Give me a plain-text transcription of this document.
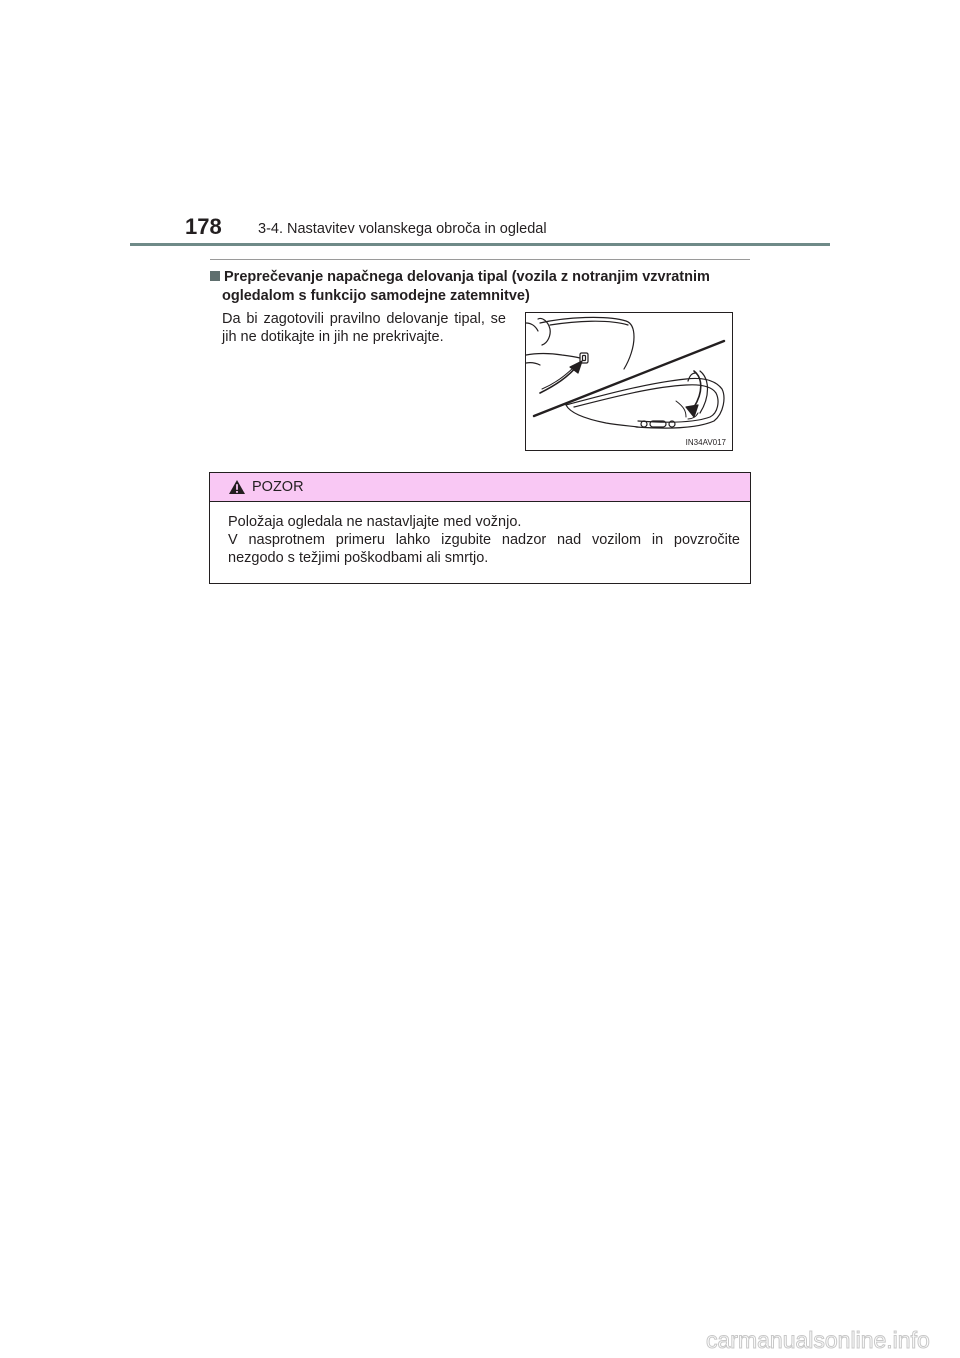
178	3-4. Nastavitev volanskega obroča in ogledal
Preprečevanje napačnega delovanja tipal (vozila z notranjim vzvratnim
ogledalom s funkcijo samodejne zatemnitve)
Da bi zagotovili pravilno delovanje tipal, se jih ne dotikajte in jih ne prekrivajte.
IN34AV017
POZOR

Položaja ogledala ne nastavljajte med vožnjo.

V nasprotnem primeru lahko izgubite nadzor nad vozilom in povzročite

nezgodo s težjimi poškodbami ali smrtjo.

carmanualsonline.info
